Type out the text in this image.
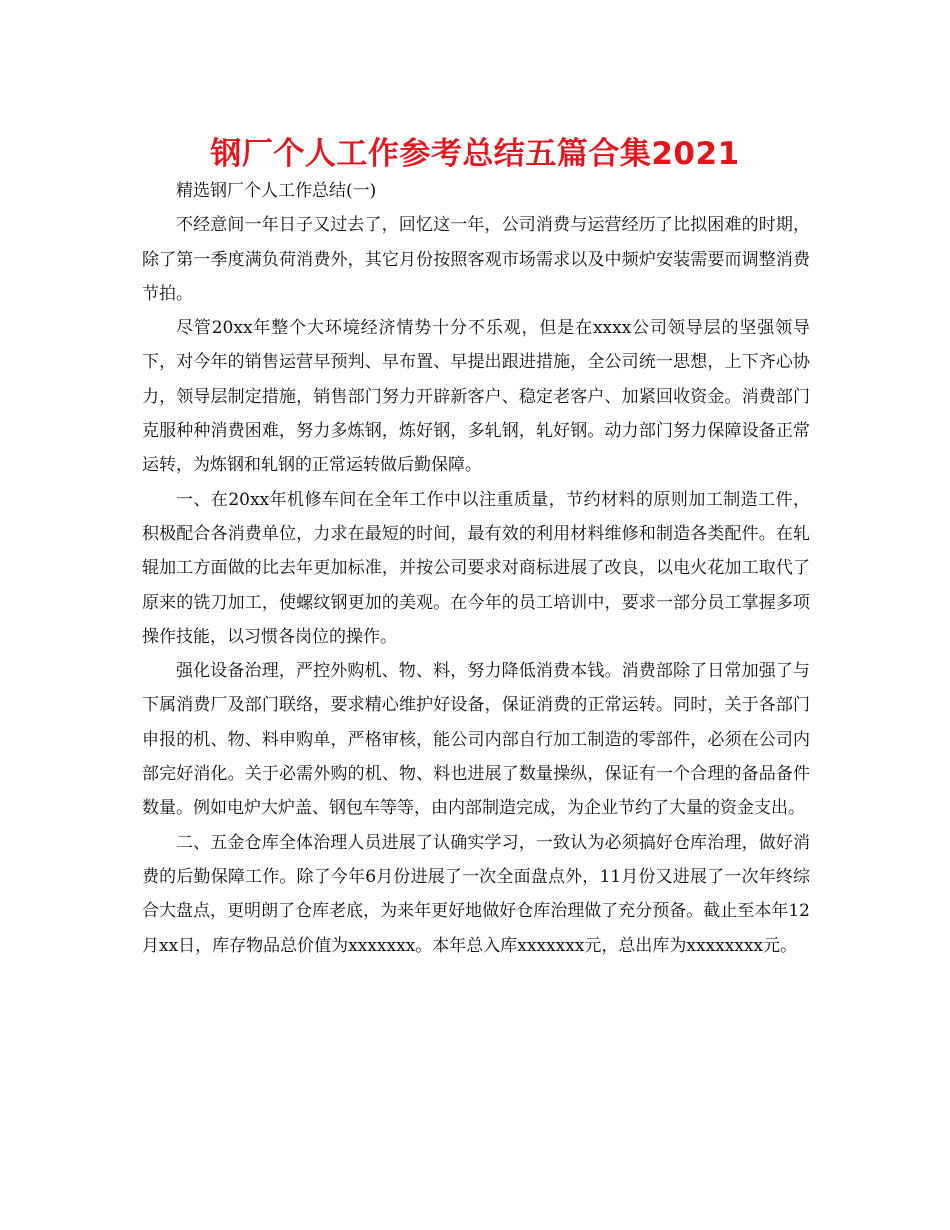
钢厂个人工作参考总结五篇合集2021

精选钢厂个人工作总结(一)

不经意间一年日子又过去了，回忆这一年，公司消费与运营经历了比拟困难的时期，除了第一季度满负荷消费外，其它月份按照客观市场需求以及中频炉安装需要而调整消费节拍。

尽管20xx年整个大环境经济情势十分不乐观，但是在xxxx公司领导层的坚强领导下，对今年的销售运营早预判、早布置、早提出跟进措施，全公司统一思想，上下齐心协力，领导层制定措施，销售部门努力开辟新客户、稳定老客户、加紧回收资金。消费部门克服种种消费困难，努力多炼钢，炼好钢，多轧钢，轧好钢。动力部门努力保障设备正常运转，为炼钢和轧钢的正常运转做后勤保障。

一、在20xx年机修车间在全年工作中以注重质量，节约材料的原则加工制造工件，积极配合各消费单位，力求在最短的时间，最有效的利用材料维修和制造各类配件。在轧辊加工方面做的比去年更加标准，并按公司要求对商标进展了改良，以电火花加工取代了原来的铣刀加工，使螺纹钢更加的美观。在今年的员工培训中，要求一部分员工掌握多项操作技能，以习惯各岗位的操作。

强化设备治理，严控外购机、物、料，努力降低消费本钱。消费部除了日常加强了与下属消费厂及部门联络，要求精心维护好设备，保证消费的正常运转。同时，关于各部门申报的机、物、料申购单，严格审核，能公司内部自行加工制造的零部件，必须在公司内部完好消化。关于必需外购的机、物、料也进展了数量操纵，保证有一个合理的备品备件数量。例如电炉大炉盖、钢包车等等，由内部制造完成，为企业节约了大量的资金支出。

二、五金仓库全体治理人员进展了认确实学习，一致认为必须搞好仓库治理，做好消费的后勤保障工作。除了今年6月份进展了一次全面盘点外，11月份又进展了一次年终综合大盘点，更明朗了仓库老底，为来年更好地做好仓库治理做了充分预备。截止至本年12月xx日，库存物品总价值为xxxxxxx。本年总入库xxxxxxx元，总出库为xxxxxxxx元。
